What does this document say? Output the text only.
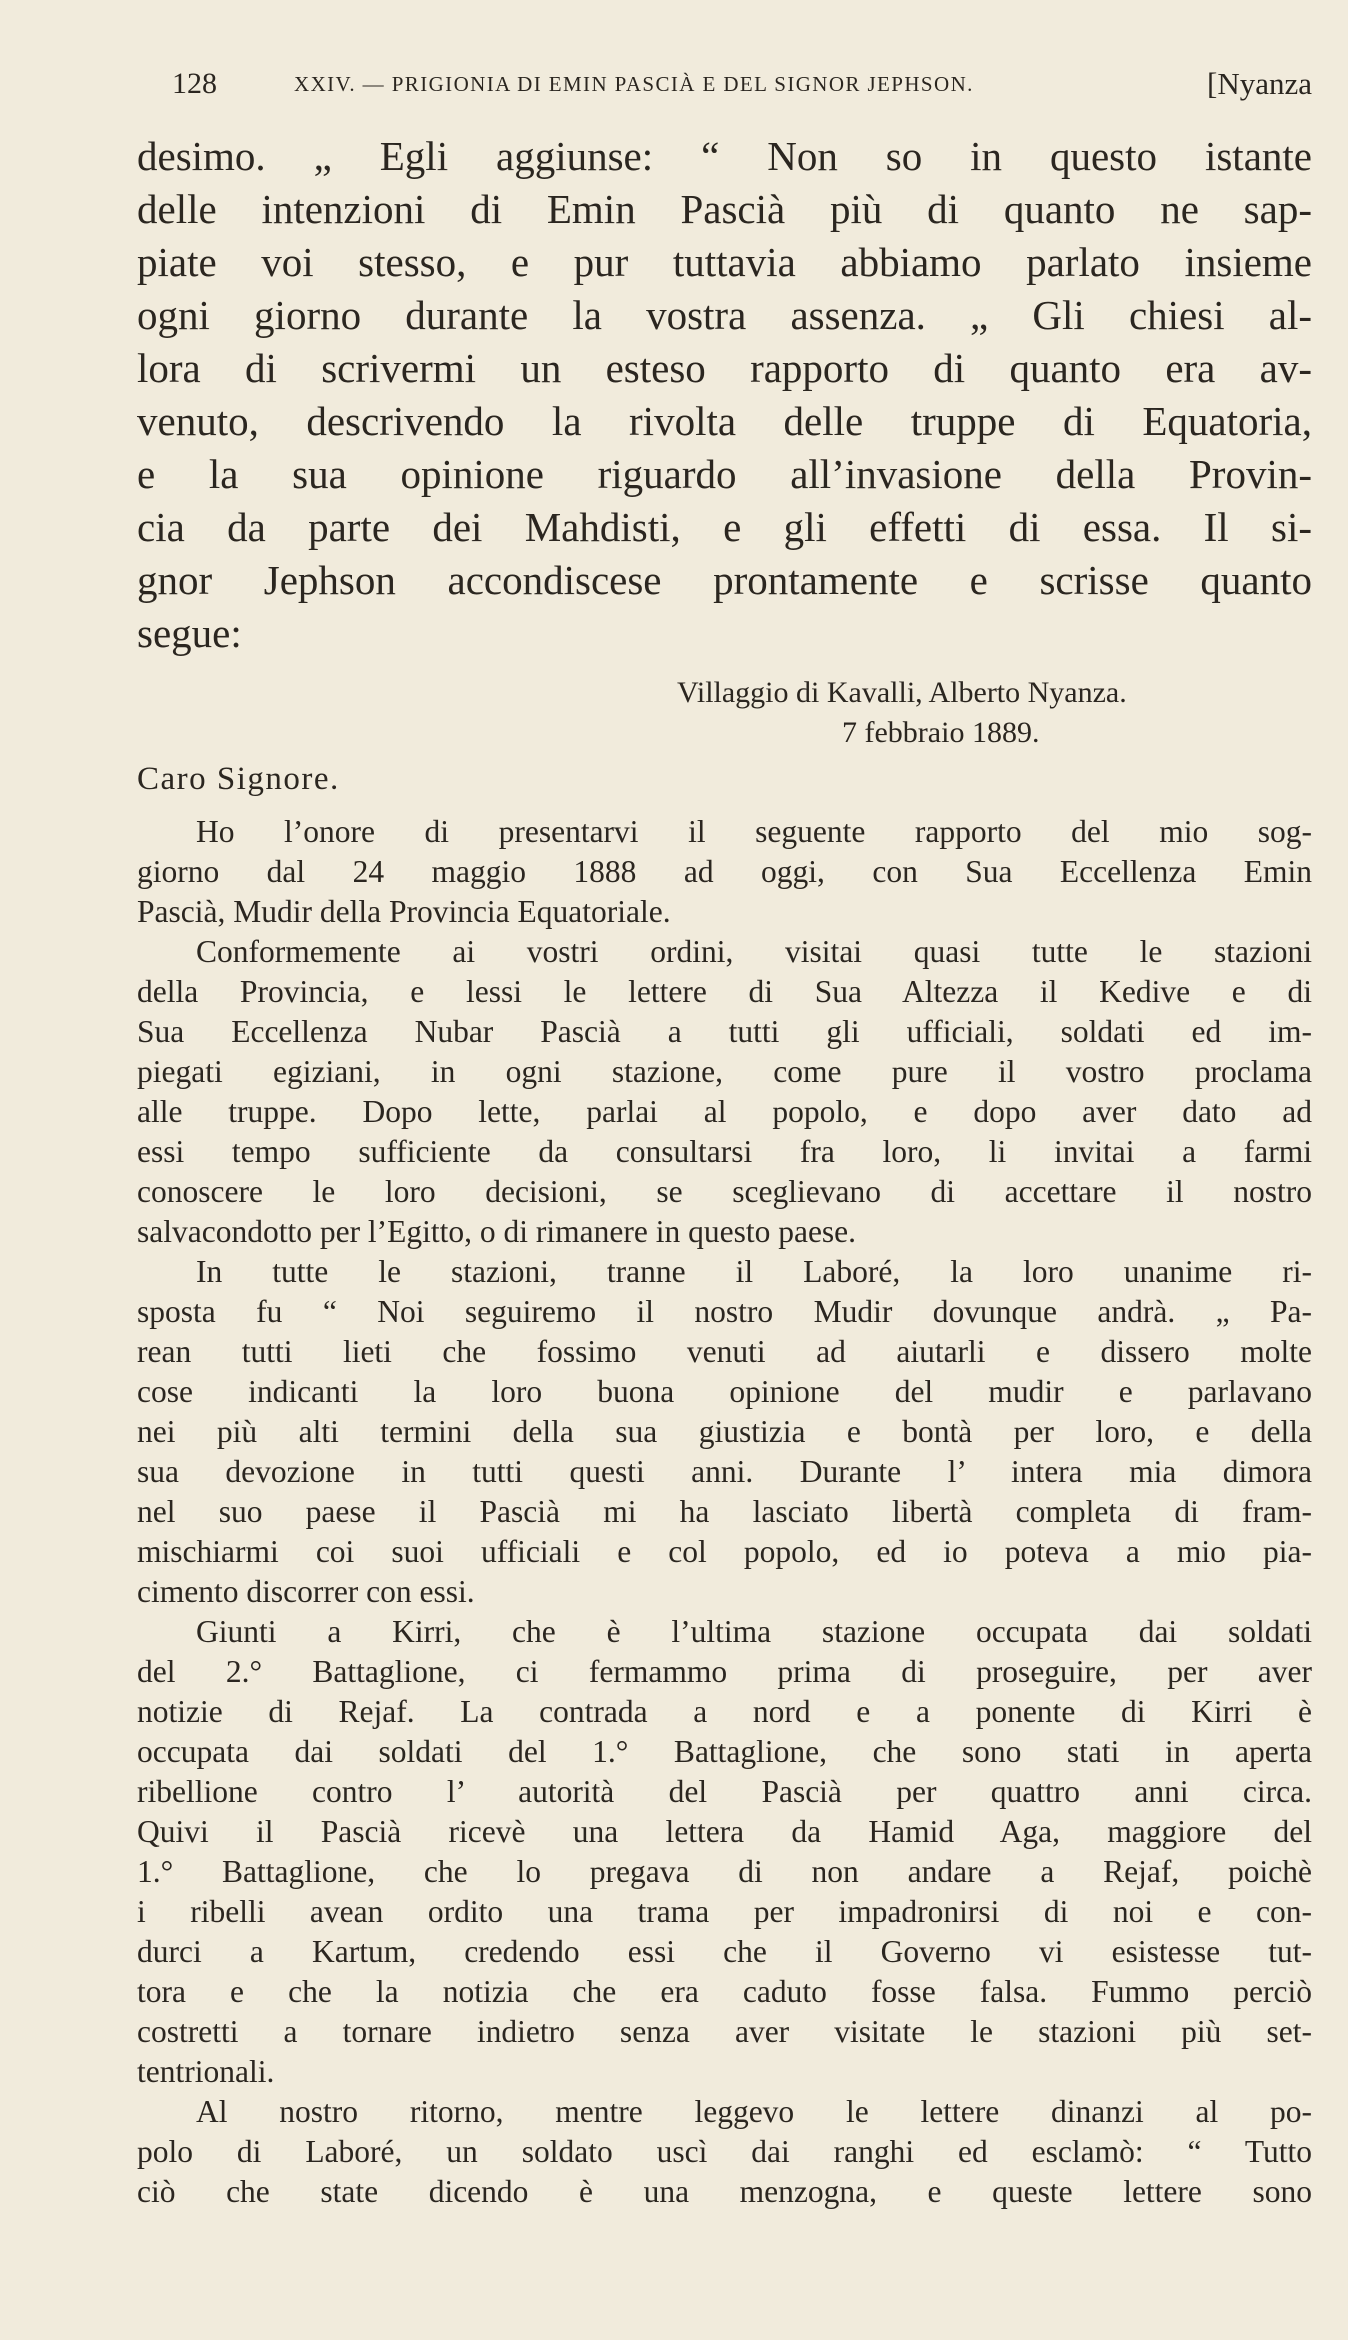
128	XXIV. — PRIGIONIA DI EMIN PASCIÀ E DEL SIGNOR JEPHSON.	[Nyanza
desimo. „ Egli aggiunse: “ Non so in questo istante
delle intenzioni di Emin Pascià più di quanto ne sap-
piate voi stesso, e pur tuttavia abbiamo parlato insieme
ogni giorno durante la vostra assenza. „ Gli chiesi al-
lora di scrivermi un esteso rapporto di quanto era av-
venuto, descrivendo la rivolta delle truppe di Equatoria,
e la sua opinione riguardo all’invasione della Provin-
cia da parte dei Mahdisti, e gli effetti di essa. Il si-
gnor Jephson accondiscese prontamente e scrisse quanto
segue:
Villaggio di Kavalli, Alberto Nyanza.
7 febbraio 1889.
Caro Signore.
Ho l’onore di presentarvi il seguente rapporto del mio sog-
giorno dal 24 maggio 1888 ad oggi, con Sua Eccellenza Emin
Pascià, Mudir della Provincia Equatoriale.
Conformemente ai vostri ordini, visitai quasi tutte le stazioni
della Provincia, e lessi le lettere di Sua Altezza il Kedive e di
Sua Eccellenza Nubar Pascià a tutti gli ufficiali, soldati ed im-
piegati egiziani, in ogni stazione, come pure il vostro proclama
alle truppe. Dopo lette, parlai al popolo, e dopo aver dato ad
essi tempo sufficiente da consultarsi fra loro, li invitai a farmi
conoscere le loro decisioni, se sceglievano di accettare il nostro
salvacondotto per l’Egitto, o di rimanere in questo paese.
In tutte le stazioni, tranne il Laboré, la loro unanime ri-
sposta fu “ Noi seguiremo il nostro Mudir dovunque andrà. „ Pa-
rean tutti lieti che fossimo venuti ad aiutarli e dissero molte
cose indicanti la loro buona opinione del mudir e parlavano
nei più alti termini della sua giustizia e bontà per loro, e della
sua devozione in tutti questi anni. Durante l’ intera mia dimora
nel suo paese il Pascià mi ha lasciato libertà completa di fram-
mischiarmi coi suoi ufficiali e col popolo, ed io poteva a mio pia-
cimento discorrer con essi.
Giunti a Kirri, che è l’ultima stazione occupata dai soldati
del 2.° Battaglione, ci fermammo prima di proseguire, per aver
notizie di Rejaf. La contrada a nord e a ponente di Kirri è
occupata dai soldati del 1.° Battaglione, che sono stati in aperta
ribellione contro l’ autorità del Pascià per quattro anni circa.
Quivi il Pascià ricevè una lettera da Hamid Aga, maggiore del
1.° Battaglione, che lo pregava di non andare a Rejaf, poichè
i ribelli avean ordito una trama per impadronirsi di noi e con-
durci a Kartum, credendo essi che il Governo vi esistesse tut-
tora e che la notizia che era caduto fosse falsa. Fummo perciò
costretti a tornare indietro senza aver visitate le stazioni più set-
tentrionali.
Al nostro ritorno, mentre leggevo le lettere dinanzi al po-
polo di Laboré, un soldato uscì dai ranghi ed esclamò: “ Tutto
ciò che state dicendo è una menzogna, e queste lettere sono
